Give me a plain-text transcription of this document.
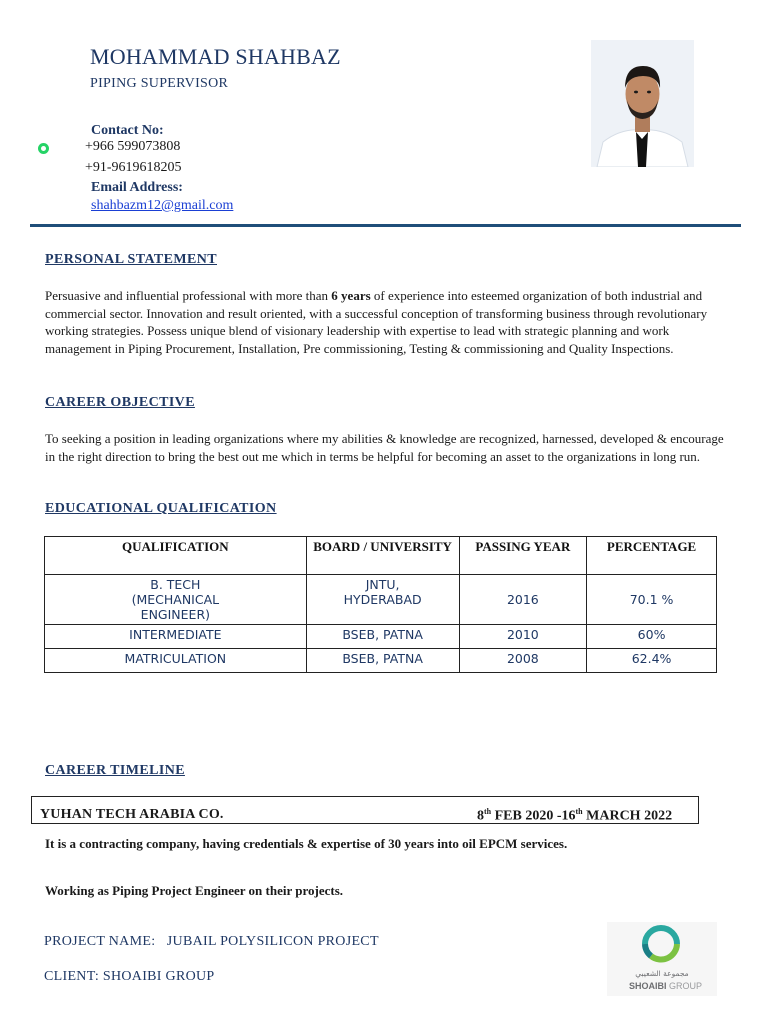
MOHAMMAD SHAHBAZ
PIPING SUPERVISOR
Contact No:
+966 599073808
+91-9619618205
Email Address:
shahbazm12@gmail.com
PERSONAL STATEMENT
Persuasive and influential professional with more than 6 years of experience into esteemed organization of both industrial and commercial sector. Innovation and result oriented, with a successful conception of transforming business through revolutionary working strategies. Possess unique blend of visionary leadership with expertise to lead with strategic planning and work management in Piping Procurement, Installation, Pre commissioning, Testing & commissioning and Quality Inspections.
CAREER OBJECTIVE
To seeking a position in leading organizations where my abilities & knowledge are recognized, harnessed, developed & encourage in the right direction to bring the best out me which in terms be helpful for becoming an asset to the organizations in long run.
EDUCATIONAL QUALIFICATION
QUALIFICATION	BOARD / UNIVERSITY	PASSING YEAR	PERCENTAGE
B. TECH (MECHANICAL ENGINEER)	JNTU, HYDERABAD	2016	70.1 %
INTERMEDIATE	BSEB, PATNA	2010	60%
MATRICULATION	BSEB, PATNA	2008	62.4%
CAREER TIMELINE
YUHAN TECH ARABIA CO.	8th FEB 2020 -16th MARCH 2022
It is a contracting company, having credentials & expertise of 30 years into oil EPCM services.
Working as Piping Project Engineer on their projects.
PROJECT NAME: JUBAIL POLYSILICON PROJECT
CLIENT: SHOAIBI GROUP	مجموعة الشعيبي
SHOAIBI GROUP
